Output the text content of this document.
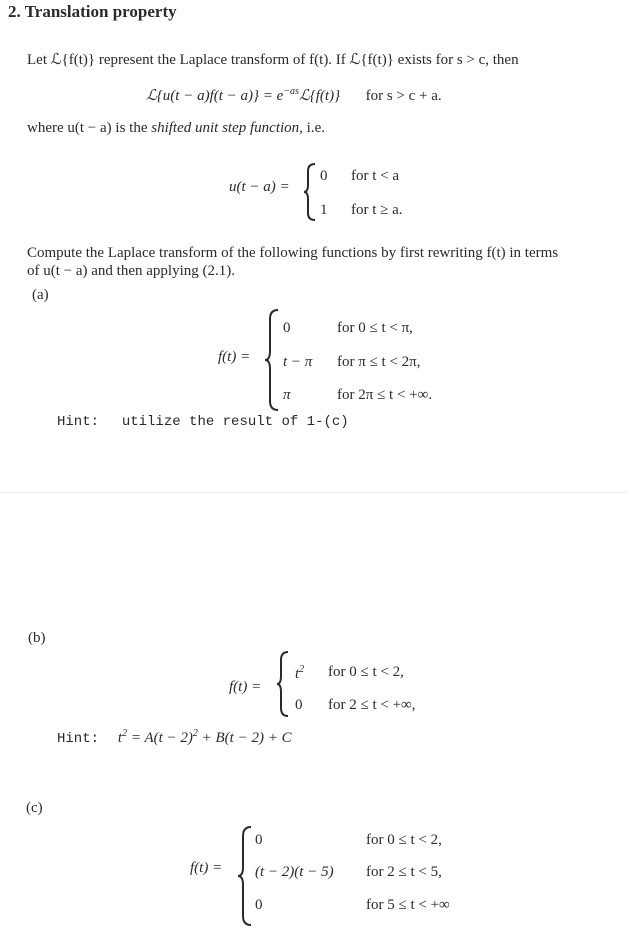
2. Translation property
Let ℒ{f(t)} represent the Laplace transform of f(t). If ℒ{f(t)} exists for s > c, then
ℒ{u(t − $a)f(t - a)\} = e^{-as}ℒ\{f(t)\}$ for s > c + a.
where u(t − a) is the shifted unit step function, i.e.
u(t − a) =
0 for t < a
1 for t ≥ a.
Compute the Laplace transform of the following functions by first rewriting f(t) in terms
of u(t − a) and then applying (2.1).
(a)
f(t) =
0	for 0 ≤ t < π,
t − π for π ≤ t < 2π,
π	for 2π ≤ t < +∞.
Hint: utilize the result of 1-(c)
(b)
f(t) =
$t^2$ for 0 ≤ t < 2,
0 for 2 ≤ t < +∞,
Hint: $t^2 = A(t - 2)^2 + B(t - 2) + C$
(c)
f(t) =
0	for 0 ≤ t < 2,
(t − 2)(t − 5) for 2 ≤ t < 5,
0	for 5 ≤ t < +∞
